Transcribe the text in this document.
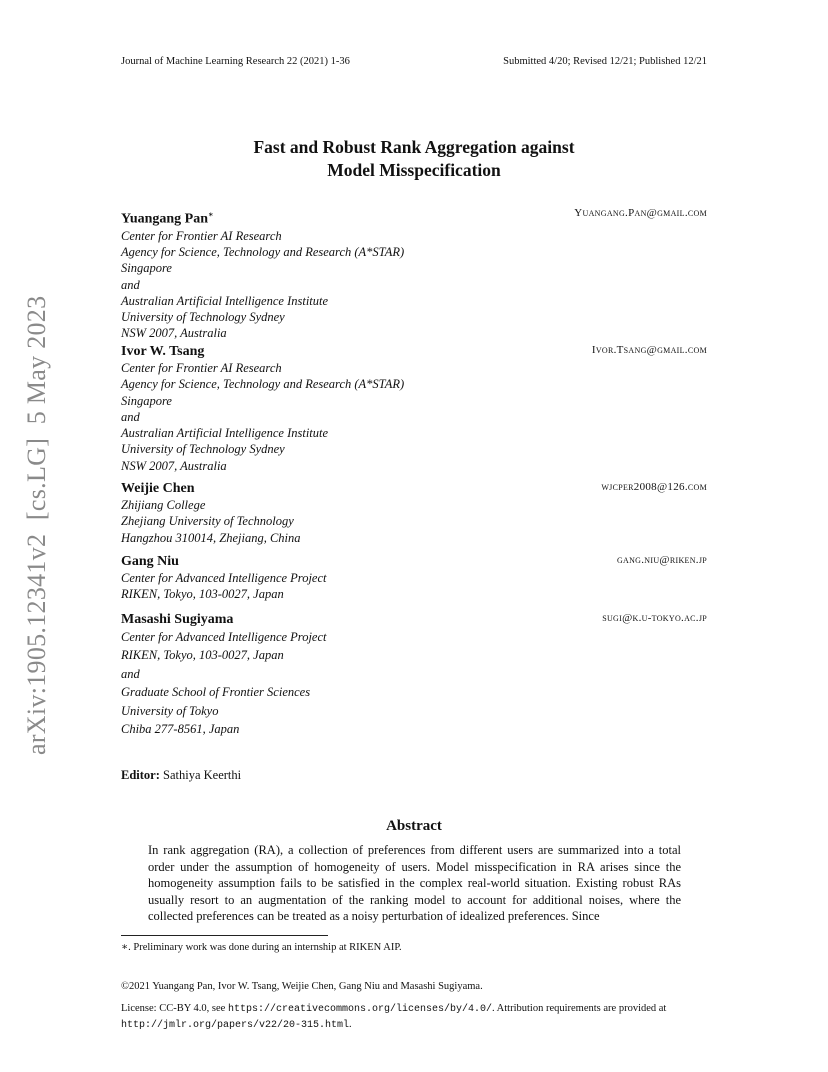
Journal of Machine Learning Research 22 (2021) 1-36	Submitted 4/20; Revised 12/21; Published 12/21
arXiv:1905.12341v2  [cs.LG]  5 May 2023
Fast and Robust Rank Aggregation against
Model Misspecification
Yuangang Pan∗	Yuangang.Pan@gmail.com
Center for Frontier AI Research
Agency for Science, Technology and Research (A*STAR)
Singapore
and
Australian Artificial Intelligence Institute
University of Technology Sydney
NSW 2007, Australia
Ivor W. Tsang	Ivor.Tsang@gmail.com
Center for Frontier AI Research
Agency for Science, Technology and Research (A*STAR)
Singapore
and
Australian Artificial Intelligence Institute
University of Technology Sydney
NSW 2007, Australia
Weijie Chen	wjcper2008@126.com
Zhijiang College
Zhejiang University of Technology
Hangzhou 310014, Zhejiang, China
Gang Niu	gang.niu@riken.jp
Center for Advanced Intelligence Project
RIKEN, Tokyo, 103-0027, Japan
Masashi Sugiyama	sugi@k.u-tokyo.ac.jp
Center for Advanced Intelligence Project
RIKEN, Tokyo, 103-0027, Japan
and
Graduate School of Frontier Sciences
University of Tokyo
Chiba 277-8561, Japan
Editor: Sathiya Keerthi
Abstract
In rank aggregation (RA), a collection of preferences from different users are summarized into a total order under the assumption of homogeneity of users. Model misspecification in RA arises since the homogeneity assumption fails to be satisfied in the complex real-world situation. Existing robust RAs usually resort to an augmentation of the ranking model to account for additional noises, where the collected preferences can be treated as a noisy perturbation of idealized preferences. Since
∗. Preliminary work was done during an internship at RIKEN AIP.
©2021 Yuangang Pan, Ivor W. Tsang, Weijie Chen, Gang Niu and Masashi Sugiyama.
License: CC-BY 4.0, see https://creativecommons.org/licenses/by/4.0/. Attribution requirements are provided at
http://jmlr.org/papers/v22/20-315.html.
